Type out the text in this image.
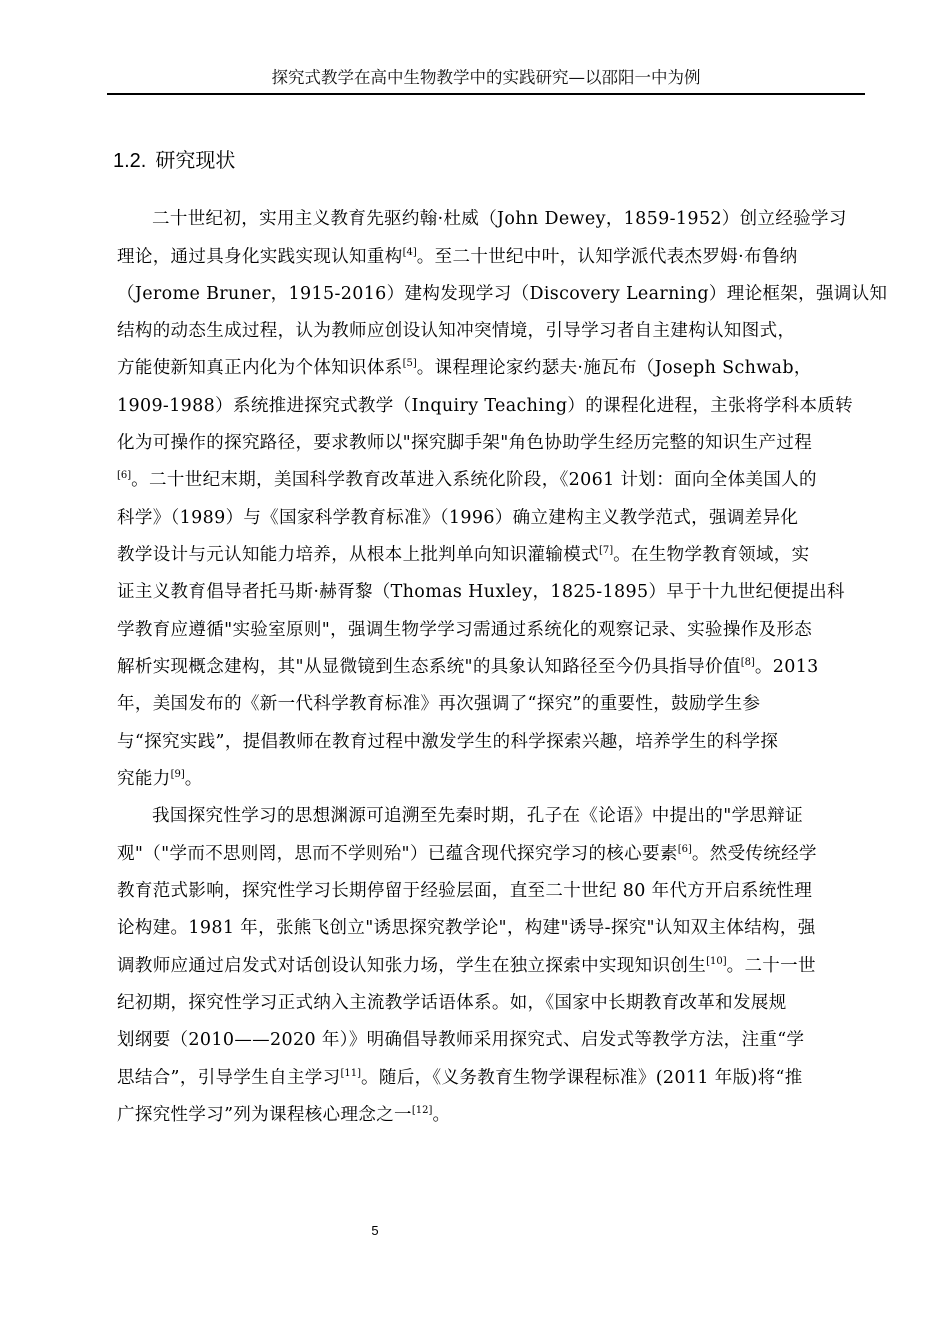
探究式教学在高中生物教学中的实践研究—以邵阳一中为例
1.2. 研究现状
二十世纪初，实用主义教育先驱约翰·杜威（John Dewey，1859-1952）创立经验学习
理论，通过具身化实践实现认知重构[4]。至二十世纪中叶，认知学派代表杰罗姆·布鲁纳
（Jerome Bruner，1915-2016）建构发现学习（Discovery Learning）理论框架，强调认知
结构的动态生成过程，认为教师应创设认知冲突情境，引导学习者自主建构认知图式，
方能使新知真正内化为个体知识体系[5]。课程理论家约瑟夫·施瓦布（Joseph Schwab，
1909-1988）系统推进探究式教学（Inquiry Teaching）的课程化进程，主张将学科本质转
化为可操作的探究路径，要求教师以"探究脚手架"角色协助学生经历完整的知识生产过程
[6]。二十世纪末期，美国科学教育改革进入系统化阶段，《2061 计划：面向全体美国人的
科学》（1989）与《国家科学教育标准》（1996）确立建构主义教学范式，强调差异化
教学设计与元认知能力培养，从根本上批判单向知识灌输模式[7]。在生物学教育领域，实
证主义教育倡导者托马斯·赫胥黎（Thomas Huxley，1825-1895）早于十九世纪便提出科
学教育应遵循"实验室原则"，强调生物学学习需通过系统化的观察记录、实验操作及形态
解析实现概念建构，其"从显微镜到生态系统"的具象认知路径至今仍具指导价值[8]。2013
年，美国发布的《新一代科学教育标准》再次强调了“探究”的重要性，鼓励学生参
与“探究实践”，提倡教师在教育过程中激发学生的科学探索兴趣，培养学生的科学探
究能力[9]。
我国探究性学习的思想渊源可追溯至先秦时期，孔子在《论语》中提出的"学思辩证
观"（"学而不思则罔，思而不学则殆"）已蕴含现代探究学习的核心要素[6]。然受传统经学
教育范式影响，探究性学习长期停留于经验层面，直至二十世纪 80 年代方开启系统性理
论构建。1981 年，张熊飞创立"诱思探究教学论"，构建"诱导-探究"认知双主体结构，强
调教师应通过启发式对话创设认知张力场，学生在独立探索中实现知识创生[10]。二十一世
纪初期，探究性学习正式纳入主流教学话语体系。如，《国家中长期教育改革和发展规
划纲要（2010——2020 年）》明确倡导教师采用探究式、启发式等教学方法，注重“学
思结合”，引导学生自主学习[11]。随后，《义务教育生物学课程标准》(2011 年版)将“推
广探究性学习”列为课程核心理念之一[12]。
5
